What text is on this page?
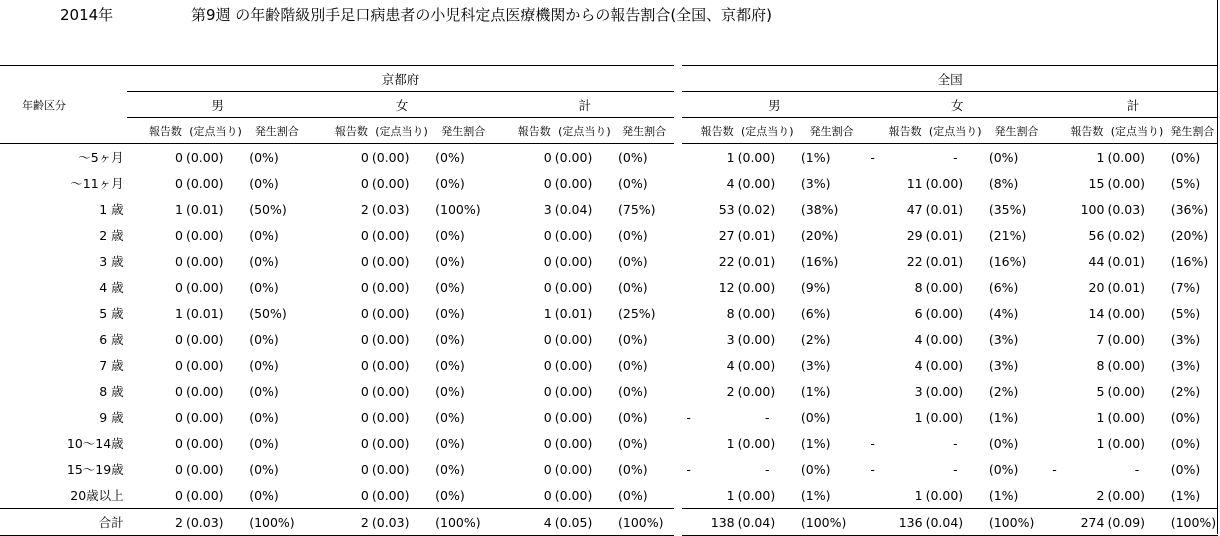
2014年	第9週 の年齢階級別手足口病患者の小児科定点医療機関からの報告割合(全国、京都府)
年齢区分	京都府									全国								
	男			女			計			男			女			計		
	報告数	(定点当り)	発生割合	報告数	(定点当り)	発生割合	報告数	(定点当り)	発生割合	報告数	(定点当り)	発生割合	報告数	(定点当り)	発生割合	報告数	(定点当り)	発生割合
～5ヶ月	0	(0.00)	(0%)	0	(0.00)	(0%)	0	(0.00)	(0%)	1	(0.00)	(1%)	-	-	(0%)	1	(0.00)	(0%)
～11ヶ月	0	(0.00)	(0%)	0	(0.00)	(0%)	0	(0.00)	(0%)	4	(0.00)	(3%)	11	(0.00)	(8%)	15	(0.00)	(5%)
1 歳	1	(0.01)	(50%)	2	(0.03)	(100%)	3	(0.04)	(75%)	53	(0.02)	(38%)	47	(0.01)	(35%)	100	(0.03)	(36%)
2 歳	0	(0.00)	(0%)	0	(0.00)	(0%)	0	(0.00)	(0%)	27	(0.01)	(20%)	29	(0.01)	(21%)	56	(0.02)	(20%)
3 歳	0	(0.00)	(0%)	0	(0.00)	(0%)	0	(0.00)	(0%)	22	(0.01)	(16%)	22	(0.01)	(16%)	44	(0.01)	(16%)
4 歳	0	(0.00)	(0%)	0	(0.00)	(0%)	0	(0.00)	(0%)	12	(0.00)	(9%)	8	(0.00)	(6%)	20	(0.01)	(7%)
5 歳	1	(0.01)	(50%)	0	(0.00)	(0%)	1	(0.01)	(25%)	8	(0.00)	(6%)	6	(0.00)	(4%)	14	(0.00)	(5%)
6 歳	0	(0.00)	(0%)	0	(0.00)	(0%)	0	(0.00)	(0%)	3	(0.00)	(2%)	4	(0.00)	(3%)	7	(0.00)	(3%)
7 歳	0	(0.00)	(0%)	0	(0.00)	(0%)	0	(0.00)	(0%)	4	(0.00)	(3%)	4	(0.00)	(3%)	8	(0.00)	(3%)
8 歳	0	(0.00)	(0%)	0	(0.00)	(0%)	0	(0.00)	(0%)	2	(0.00)	(1%)	3	(0.00)	(2%)	5	(0.00)	(2%)
9 歳	0	(0.00)	(0%)	0	(0.00)	(0%)	0	(0.00)	(0%)	-	-	(0%)	1	(0.00)	(1%)	1	(0.00)	(0%)
10～14歳	0	(0.00)	(0%)	0	(0.00)	(0%)	0	(0.00)	(0%)	1	(0.00)	(1%)	-	-	(0%)	1	(0.00)	(0%)
15～19歳	0	(0.00)	(0%)	0	(0.00)	(0%)	0	(0.00)	(0%)	-	-	(0%)	-	-	(0%)	-	-	(0%)
20歳以上	0	(0.00)	(0%)	0	(0.00)	(0%)	0	(0.00)	(0%)	1	(0.00)	(1%)	1	(0.00)	(1%)	2	(0.00)	(1%)
合計	2	(0.03)	(100%)	2	(0.03)	(100%)	4	(0.05)	(100%)	138	(0.04)	(100%)	136	(0.04)	(100%)	274	(0.09)	(100%)
